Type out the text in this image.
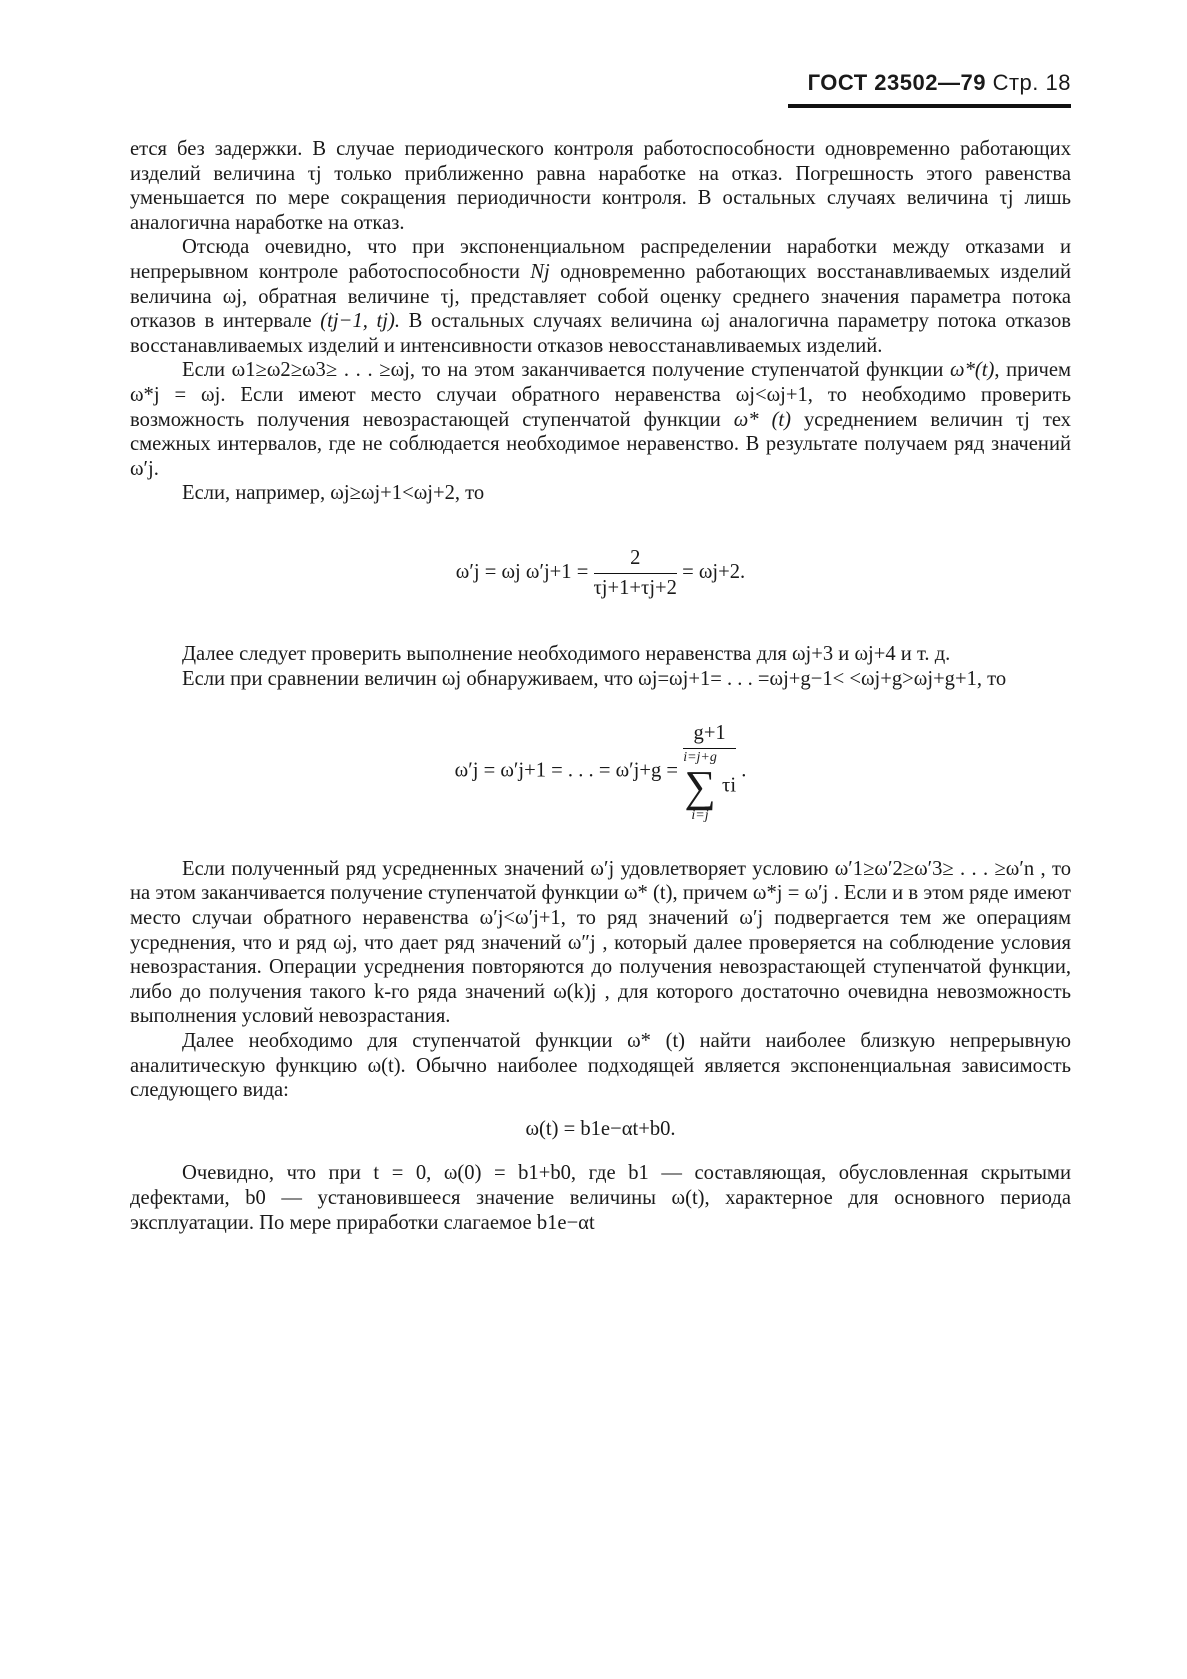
ГОСТ 23502—79 Стр. 18

ется без задержки. В случае периодического контроля работоспособности одновременно работающих изделий величина τj только приближенно равна наработке на отказ. Погрешность этого равенства уменьшается по мере сокращения периодичности контроля. В остальных случаях величина τj лишь аналогична наработке на отказ.

Отсюда очевидно, что при экспоненциальном распределении наработки между отказами и непрерывном контроле работоспособности Nj одновременно работающих восстанавливаемых изделий величина ωj, обратная величине τj, представляет собой оценку среднего значения параметра потока отказов в интервале (tj−1, tj). В остальных случаях величина ωj аналогична параметру потока отказов восстанавливаемых изделий и интенсивности отказов невосстанавливаемых изделий.

Если ω1≥ω2≥ω3≥ . . . ≥ωj, то на этом заканчивается получение ступенчатой функции ω*(t), причем ω*j = ωj. Если имеют место случаи обратного неравенства ωj<ωj+1, то необходимо проверить возможность получения невозрастающей ступенчатой функции ω* (t) усреднением величин τj тех смежных интервалов, где не соблюдается необходимое неравенство. В результате получаем ряд значений ω′j.

Если, например, ωj≥ωj+1<ωj+2, то

ω′j = ωj $\omega'j+1 = \frac{2}{\tau j+1+\tau j+2} = \omega j+2$.

Далее следует проверить выполнение необходимого неравенства для ωj+3 и ωj+4 и т. д.

Если при сравнении величин ωj обнаруживаем, что ωj=ωj+1= . . . =ωj+g−1< <ωj+g>ωj+g+1, то

ω′j = ω′j+1 = . . . = ω′j+g = g+1
i=j+g
∑
i=j
τi .

Если полученный ряд усредненных значений ω′j удовлетворяет условию ω′1≥ω′2≥ω′3≥ . . . ≥ω′n , то на этом заканчивается получение ступенчатой функции ω* (t), причем ω*j = ω′j . Если и в этом ряде имеют место случаи обратного неравенства ω′j<ω′j+1, то ряд значений ω′j подвергается тем же операциям усреднения, что и ряд ωj, что дает ряд значений ω″j , который далее проверяется на соблюдение условия невозрастания. Операции усреднения повторяются до получения невозрастающей ступенчатой функции, либо до получения такого k-го ряда значений ω(k)j , для которого достаточно очевидна невозможность выполнения условий невозрастания.

Далее необходимо для ступенчатой функции ω* (t) найти наиболее близкую непрерывную аналитическую функцию ω(t). Обычно наиболее подходящей является экспоненциальная зависимость следующего вида:

ω(t) = b1e−αt+b0.

Очевидно, что при t = 0, ω(0) = b1+b0, где b1 — составляющая, обусловленная скрытыми дефектами, b0 — установившееся значение величины ω(t), характерное для основного периода эксплуатации. По мере приработки слагаемое b1e−αt
